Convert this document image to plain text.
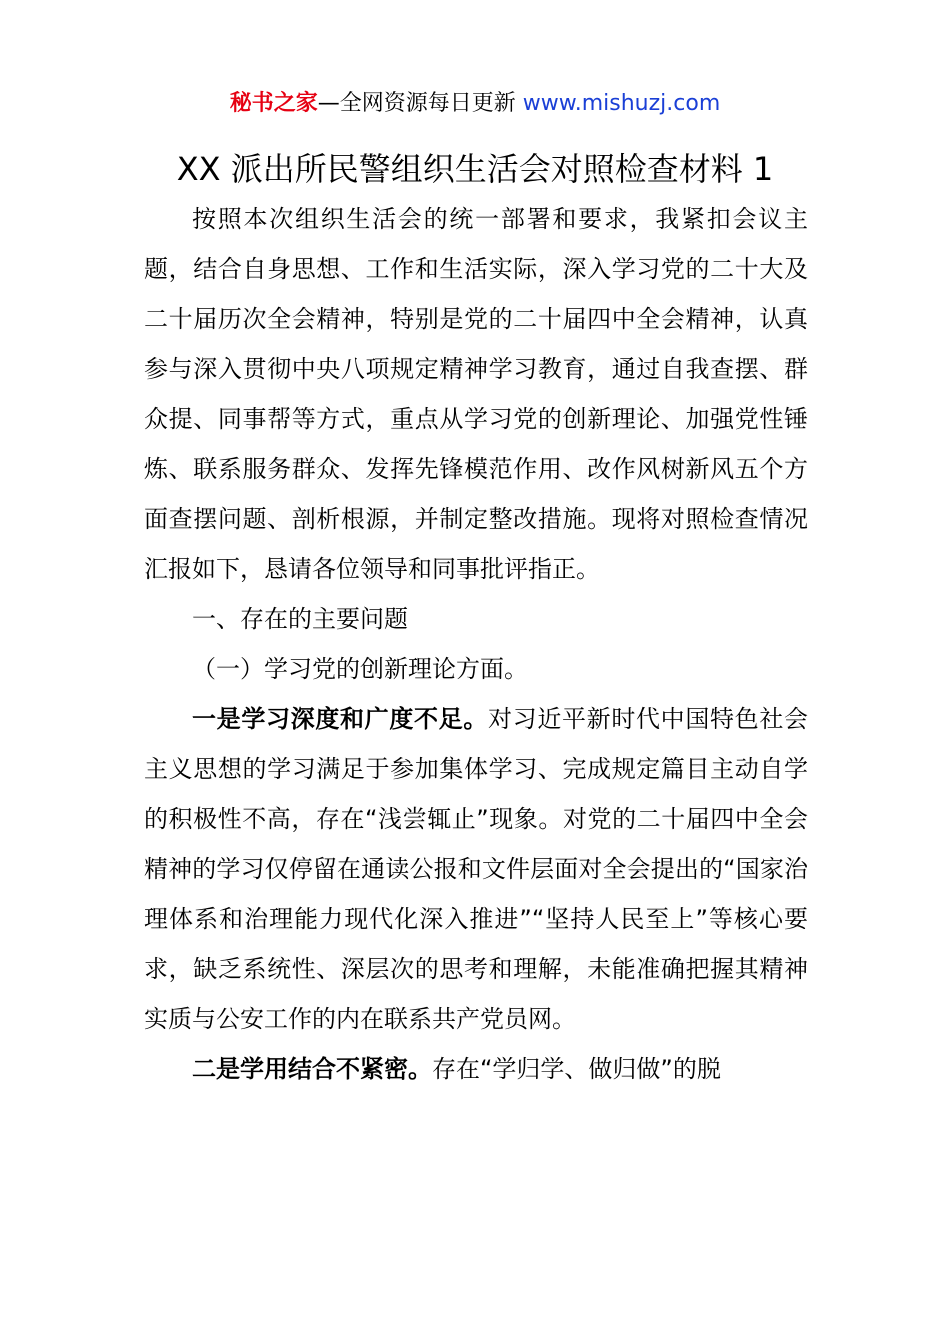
秘书之家—全网资源每日更新 www.mishuzj.com
XX 派出所民警组织生活会对照检查材料 1

按照本次组织生活会的统一部署和要求，我紧扣会议主题，结合自身思想、工作和生活实际，深入学习党的二十大及二十届历次全会精神，特别是党的二十届四中全会精神，认真参与深入贯彻中央八项规定精神学习教育，通过自我查摆、群众提、同事帮等方式，重点从学习党的创新理论、加强党性锤炼、联系服务群众、发挥先锋模范作用、改作风树新风五个方面查摆问题、剖析根源，并制定整改措施。现将对照检查情况汇报如下，恳请各位领导和同事批评指正。

一、存在的主要问题

（一）学习党的创新理论方面。

一是学习深度和广度不足。对习近平新时代中国特色社会主义思想的学习满足于参加集体学习、完成规定篇目主动自学的积极性不高，存在“浅尝辄止”现象。对党的二十届四中全会精神的学习仅停留在通读公报和文件层面对全会提出的“国家治理体系和治理能力现代化深入推进”“坚持人民至上”等核心要求，缺乏系统性、深层次的思考和理解，未能准确把握其精神实质与公安工作的内在联系共产党员网。

二是学用结合不紧密。存在“学归学、做归做”的脱
